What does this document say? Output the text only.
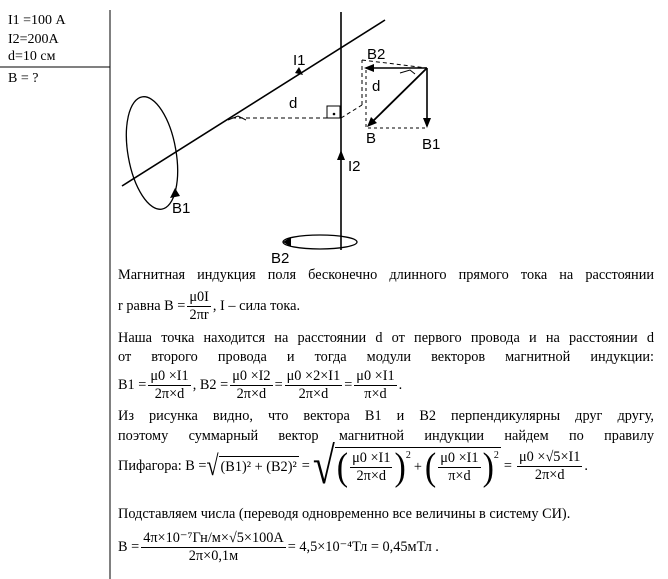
I1 =100 А
I2=200А
d=10 см
B = ?
I1
I2
d
d
B1
B2
B2
B	B1
Магнитная индукция поля бесконечно длинного прямого тока на расстоянии
r равна $B = \frac{\mu 0I}{2\pi r}$ , I – сила тока.
Наша точка находится на расстоянии d от первого провода и на расстоянии d
от второго провода и тогда модули векторов магнитной индукции:
$B1 = \frac{\mu 0 \times I1}{2\pi\times d}$ , $B2 = \frac{\mu 0 \times I2}{2\pi\times d} = \frac{\mu 0 \times 2\times I1}{2\pi\times d} = \frac{\mu 0 \times I1}{\pi\times d}$ .
Из рисунка видно, что вектора B1 и B2 перпендикулярны друг другу,
поэтому суммарный вектор магнитной индукции найдем по правилу
Пифагора: B = √ (B1)² + (B2)² = √ ( μ0 ×I1
2π×d )$^2$
+ ( μ0 ×I1
π×d )$^2$
= $\frac{\mu 0 \times√5\times I1}{2\pi\times d}$ .
Подставляем числа (переводя одновременно все величины в систему СИ).
B =
4π×10⁻⁷Гн/м×√5×100А
2π×0,1м
= 4,5×10⁻⁴Тл = 0,45мТл .
